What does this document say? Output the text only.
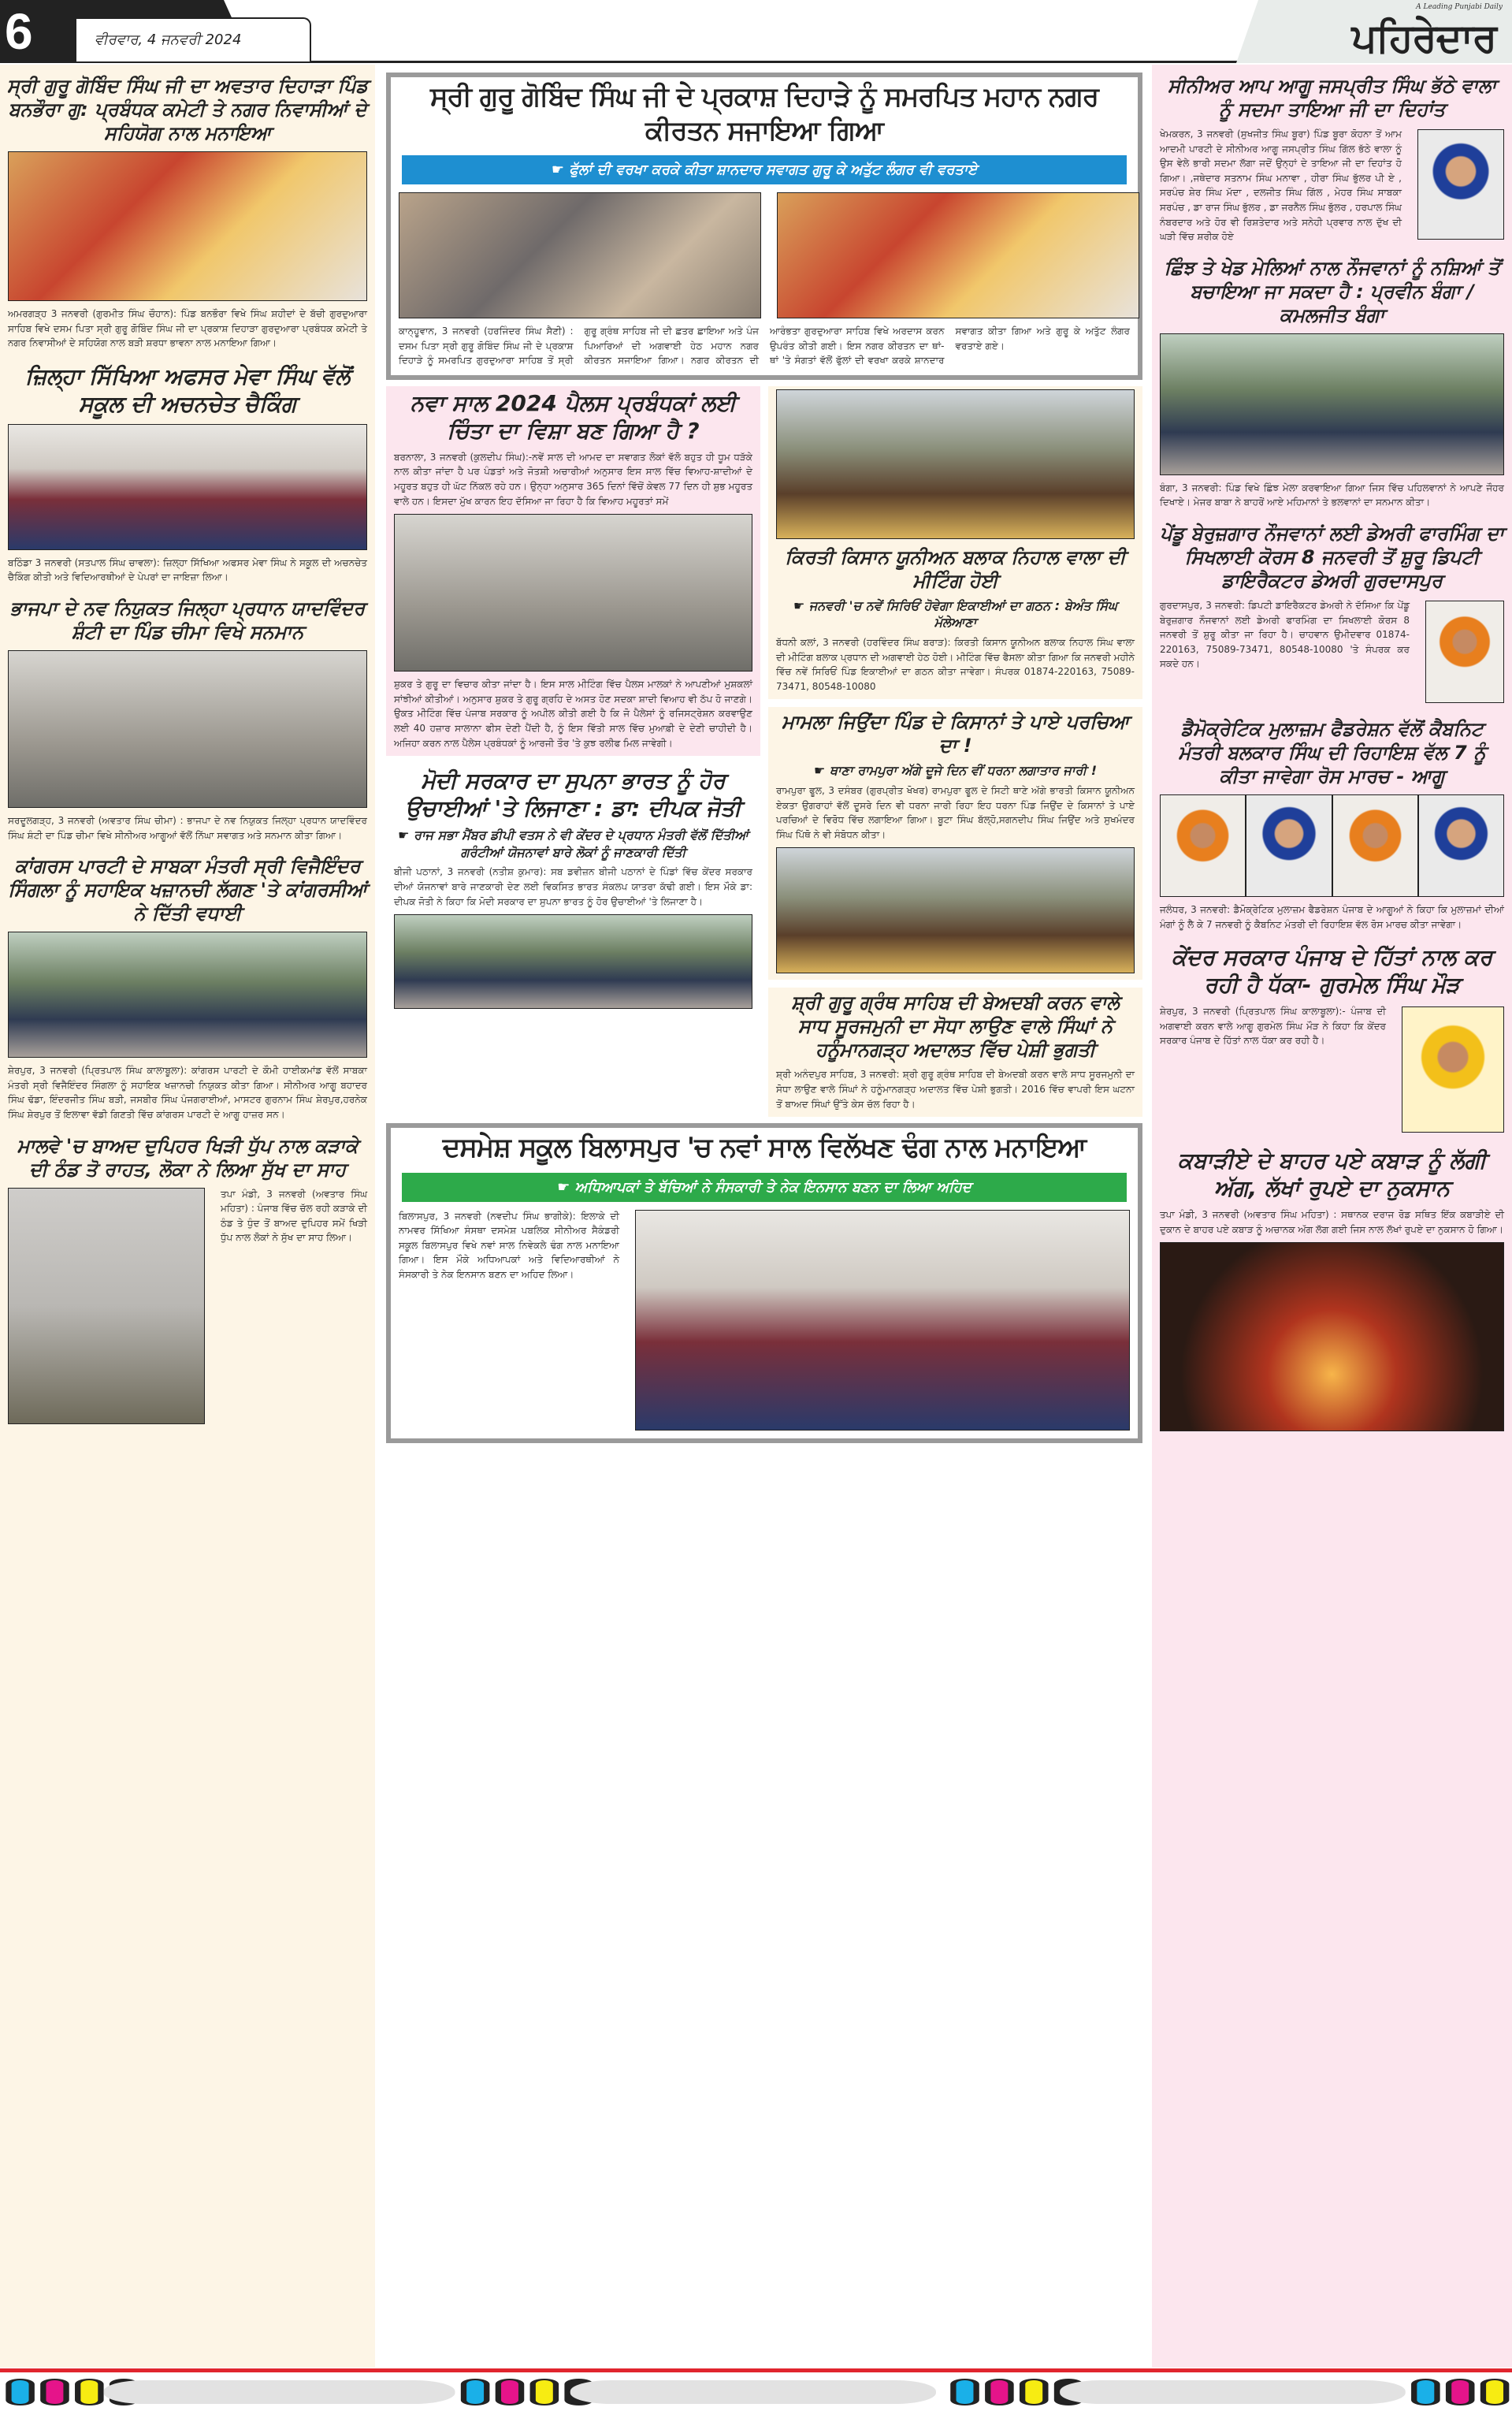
6	ਵੀਰਵਾਰ, 4 ਜਨਵਰੀ 2024	ਪਹਿਰੇਦਾਰ
A Leading Punjabi Daily
ਸ੍ਰੀ ਗੁਰੂ ਗੋਬਿੰਦ ਸਿੰਘ ਜੀ ਦਾ ਅਵਤਾਰ ਦਿਹਾੜਾ ਪਿੰਡ ਬਨਭੌਰਾ ਗੁ: ਪ੍ਰਬੰਧਕ ਕਮੇਟੀ ਤੇ ਨਗਰ ਨਿਵਾਸੀਆਂ ਦੇ ਸਹਿਯੋਗ ਨਾਲ ਮਨਾਇਆ
ਅਮਰਗੜ੍ਹ 3 ਜਨਵਰੀ (ਗੁਰਮੀਤ ਸਿੰਘ ਚੌਹਾਨ): ਪਿੰਡ ਬਨਭੌਰਾ ਵਿਖੇ ਸਿੰਘ ਸ਼ਹੀਦਾਂ ਦੇ ਬੱਚੀ ਗੁਰਦੁਆਰਾ ਸਾਹਿਬ ਵਿਖੇ ਦਸਮ ਪਿਤਾ ਸ੍ਰੀ ਗੁਰੂ ਗੋਬਿੰਦ ਸਿੰਘ ਜੀ ਦਾ ਪ੍ਰਕਾਸ਼ ਦਿਹਾੜਾ ਗੁਰਦੁਆਰਾ ਪ੍ਰਬੰਧਕ ਕਮੇਟੀ ਤੇ ਨਗਰ ਨਿਵਾਸੀਆਂ ਦੇ ਸਹਿਯੋਗ ਨਾਲ ਬੜੀ ਸ਼ਰਧਾ ਭਾਵਨਾ ਨਾਲ ਮਨਾਇਆ ਗਿਆ।
ਜ਼ਿਲ੍ਹਾ ਸਿੱਖਿਆ ਅਫਸਰ ਮੇਵਾ ਸਿੰਘ ਵੱਲੋਂ ਸਕੂਲ ਦੀ ਅਚਨਚੇਤ ਚੈਕਿੰਗ
ਬਠਿੰਡਾ 3 ਜਨਵਰੀ (ਸਤਪਾਲ ਸਿੰਘ ਚਾਵਲਾ): ਜ਼ਿਲ੍ਹਾ ਸਿੱਖਿਆ ਅਫਸਰ ਮੇਵਾ ਸਿੰਘ ਨੇ ਸਕੂਲ ਦੀ ਅਚਨਚੇਤ ਚੈਕਿੰਗ ਕੀਤੀ ਅਤੇ ਵਿਦਿਆਰਥੀਆਂ ਦੇ ਪੇਪਰਾਂ ਦਾ ਜਾਇਜ਼ਾ ਲਿਆ।
ਭਾਜਪਾ ਦੇ ਨਵ ਨਿਯੁਕਤ ਜਿਲ੍ਹਾ ਪ੍ਰਧਾਨ ਯਾਦਵਿੰਦਰ ਸ਼ੰਟੀ ਦਾ ਪਿੰਡ ਚੀਮਾ ਵਿਖੇ ਸਨਮਾਨ
ਸਰਦੂਲਗੜ੍ਹ, 3 ਜਨਵਰੀ (ਅਵਤਾਰ ਸਿੰਘ ਚੀਮਾ) : ਭਾਜਪਾ ਦੇ ਨਵ ਨਿਯੁਕਤ ਜਿਲ੍ਹਾ ਪ੍ਰਧਾਨ ਯਾਦਵਿੰਦਰ ਸਿੰਘ ਸ਼ੰਟੀ ਦਾ ਪਿੰਡ ਚੀਮਾ ਵਿਖੇ ਸੀਨੀਅਰ ਆਗੂਆਂ ਵੱਲੋਂ ਨਿੱਘਾ ਸਵਾਗਤ ਅਤੇ ਸਨਮਾਨ ਕੀਤਾ ਗਿਆ।
ਕਾਂਗਰਸ ਪਾਰਟੀ ਦੇ ਸਾਬਕਾ ਮੰਤਰੀ ਸ੍ਰੀ ਵਿਜੈਇੰਦਰ ਸਿੰਗਲਾ ਨੂੰ ਸਹਾਇਕ ਖਜ਼ਾਨਚੀ ਲੱਗਣ 'ਤੇ ਕਾਂਗਰਸੀਆਂ ਨੇ ਦਿੱਤੀ ਵਧਾਈ
ਸ਼ੇਰਪੁਰ, 3 ਜਨਵਰੀ (ਪ੍ਰਿਤਪਾਲ ਸਿੰਘ ਕਾਲਾਬੂਲਾ): ਕਾਂਗਰਸ ਪਾਰਟੀ ਦੇ ਕੌਮੀ ਹਾਈਕਮਾਂਡ ਵੱਲੋਂ ਸਾਬਕਾ ਮੰਤਰੀ ਸ੍ਰੀ ਵਿਜੈਇੰਦਰ ਸਿੰਗਲਾ ਨੂੰ ਸਹਾਇਕ ਖਜ਼ਾਨਚੀ ਨਿਯੁਕਤ ਕੀਤਾ ਗਿਆ। ਸੀਨੀਅਰ ਆਗੂ ਬਹਾਦਰ ਸਿੰਘ ਢੱਡਾ, ਇੰਦਰਜੀਤ ਸਿੰਘ ਬੜੀ, ਜਸਬੀਰ ਸਿੰਘ ਪੰਜਗਰਾਈਆਂ, ਮਾਸਟਰ ਗੁਰਨਾਮ ਸਿੰਘ ਸ਼ੇਰਪੁਰ,ਹਰਨੇਕ ਸਿੰਘ ਸ਼ੇਰਪੁਰ ਤੋਂ ਇਲਾਵਾ ਵੱਡੀ ਗਿਣਤੀ ਵਿੱਚ ਕਾਂਗਰਸ ਪਾਰਟੀ ਦੇ ਆਗੂ ਹਾਜ਼ਰ ਸਨ।
ਮਾਲਵੇ 'ਚ ਬਾਅਦ ਦੁਪਿਹਰ ਖਿੜੀ ਧੁੱਪ ਨਾਲ ਕੜਾਕੇ ਦੀ ਠੰਡ ਤੋ ਰਾਹਤ, ਲੋਕਾ ਨੇ ਲਿਆ ਸੁੱਖ ਦਾ ਸਾਹ
ਤਪਾ ਮੰਡੀ, 3 ਜਨਵਰੀ (ਅਵਤਾਰ ਸਿੰਘ ਮਹਿਤਾ) : ਪੰਜਾਬ ਵਿੱਚ ਚੱਲ ਰਹੀ ਕੜਾਕੇ ਦੀ ਠੰਡ ਤੇ ਧੁੰਦ ਤੋਂ ਬਾਅਦ ਦੁਪਿਹਰ ਸਮੇਂ ਖਿੜੀ ਧੁੱਪ ਨਾਲ ਲੋਕਾਂ ਨੇ ਸੁੱਖ ਦਾ ਸਾਹ ਲਿਆ।
ਸ੍ਰੀ ਗੁਰੂ ਗੋਬਿੰਦ ਸਿੰਘ ਜੀ ਦੇ ਪ੍ਰਕਾਸ਼ ਦਿਹਾੜੇ ਨੂੰ ਸਮਰਪਿਤ ਮਹਾਨ ਨਗਰ ਕੀਰਤਨ ਸਜਾਇਆ ਗਿਆ
☛ ਫੁੱਲਾਂ ਦੀ ਵਰਖਾ ਕਰਕੇ ਕੀਤਾ ਸ਼ਾਨਦਾਰ ਸਵਾਗਤ ਗੁਰੂ ਕੇ ਅਤੁੱਟ ਲੰਗਰ ਵੀ ਵਰਤਾਏ
ਕਾਨ੍ਹੂਵਾਨ, 3 ਜਨਵਰੀ (ਹਰਜਿੰਦਰ ਸਿੰਘ ਸੈਣੀ) : ਦਸਮ ਪਿਤਾ ਸ੍ਰੀ ਗੁਰੂ ਗੋਬਿੰਦ ਸਿੰਘ ਜੀ ਦੇ ਪ੍ਰਕਾਸ਼ ਦਿਹਾੜੇ ਨੂੰ ਸਮਰਪਿਤ ਗੁਰਦੁਆਰਾ ਸਾਹਿਬ ਤੋਂ ਸ੍ਰੀ ਗੁਰੂ ਗ੍ਰੰਥ ਸਾਹਿਬ ਜੀ ਦੀ ਛਤਰ ਛਾਇਆ ਅਤੇ ਪੰਜ ਪਿਆਰਿਆਂ ਦੀ ਅਗਵਾਈ ਹੇਠ ਮਹਾਨ ਨਗਰ ਕੀਰਤਨ ਸਜਾਇਆ ਗਿਆ। ਨਗਰ ਕੀਰਤਨ ਦੀ ਆਰੰਭਤਾ ਗੁਰਦੁਆਰਾ ਸਾਹਿਬ ਵਿਖੇ ਅਰਦਾਸ ਕਰਨ ਉਪਰੰਤ ਕੀਤੀ ਗਈ। ਇਸ ਨਗਰ ਕੀਰਤਨ ਦਾ ਥਾਂ-ਥਾਂ 'ਤੇ ਸੰਗਤਾਂ ਵੱਲੋਂ ਫੁੱਲਾਂ ਦੀ ਵਰਖਾ ਕਰਕੇ ਸ਼ਾਨਦਾਰ ਸਵਾਗਤ ਕੀਤਾ ਗਿਆ ਅਤੇ ਗੁਰੂ ਕੇ ਅਤੁੱਟ ਲੰਗਰ ਵਰਤਾਏ ਗਏ।
ਨਵਾ ਸਾਲ 2024 ਪੈਲਸ ਪ੍ਰਬੰਧਕਾਂ ਲਈ ਚਿੰਤਾ ਦਾ ਵਿਸ਼ਾ ਬਣ ਗਿਆ ਹੈ ?
ਬਰਨਾਲਾ, 3 ਜਨਵਰੀ (ਕੁਲਦੀਪ ਸਿੰਘ):-ਨਵੇਂ ਸਾਲ ਦੀ ਆਮਦ ਦਾ ਸਵਾਗਤ ਲੋਕਾਂ ਵੱਲੋ ਬਹੁਤ ਹੀ ਧੂਮ ਧੜੱਕੇ ਨਾਲ ਕੀਤਾ ਜਾਂਦਾ ਹੈ ਪਰ ਪੰਡਤਾਂ ਅਤੇ ਜੋਤਸ਼ੀ ਅਚਾਰੀਆਂ ਅਨੁਸਾਰ ਇਸ ਸਾਲ ਵਿੱਚ ਵਿਆਹ-ਸ਼ਾਦੀਆਂ ਦੇ ਮਹੂਰਤ ਬਹੁਤ ਹੀ ਘੱਟ ਨਿੱਕਲ ਰਹੇ ਹਨ। ਉਨ੍ਹਾ ਅਨੁਸਾਰ 365 ਦਿਨਾਂ ਵਿੱਚੋਂ ਕੇਵਲ 77 ਦਿਨ ਹੀ ਸ਼ੁਭ ਮਹੂਰਤ ਵਾਲੇ ਹਨ। ਇਸਦਾ ਮੁੱਖ ਕਾਰਨ ਇਹ ਦੱਸਿਆ ਜਾ ਰਿਹਾ ਹੈ ਕਿ ਵਿਆਹ ਮਹੂਰਤਾਂ ਸਮੇਂ
ਸ਼ੁਕਰ ਤੇ ਗੁਰੂ ਦਾ ਵਿਚਾਰ ਕੀਤਾ ਜਾਂਦਾ ਹੈ। ਇਸ ਸਾਲ ਮੀਟਿੰਗ ਵਿੱਚ ਪੈਲਸ ਮਾਲਕਾਂ ਨੇ ਆਪਣੀਆਂ ਮੁਸ਼ਕਲਾਂ ਸਾਂਝੀਆਂ ਕੀਤੀਆਂ। ਅਨੁਸਾਰ ਸ਼ੁਕਰ ਤੇ ਗੁਰੂ ਗ੍ਰਹਿ ਦੇ ਅਸਤ ਹੋਣ ਸਦਕਾ ਸ਼ਾਦੀ ਵਿਆਹ ਵੀ ਠੱਪ ਹੋ ਜਾਣਗੇ। ਉਕਤ ਮੀਟਿੰਗ ਵਿੱਚ ਪੰਜਾਬ ਸਰਕਾਰ ਨੂੰ ਅਪੀਲ ਕੀਤੀ ਗਈ ਹੈ ਕਿ ਜੋ ਪੈਲੇਸਾਂ ਨੂੰ ਰਜਿਸਟ੍ਰੇਸ਼ਨ ਕਰਵਾਉਣ ਲਈ 40 ਹਜ਼ਾਰ ਸਾਲਾਨਾ ਫੀਸ ਦੇਣੀ ਪੈਂਦੀ ਹੈ, ਨੂੰ ਇਸ ਵਿੱਤੀ ਸਾਲ ਵਿੱਚ ਮੁਆਫ਼ੀ ਦੇ ਦੇਣੀ ਚਾਹੀਦੀ ਹੈ। ਅਜਿਹਾ ਕਰਨ ਨਾਲ ਪੈਲੇਸ ਪ੍ਰਬੰਧਕਾਂ ਨੂੰ ਆਰਜੀ ਤੌਰ 'ਤੇ ਕੁਝ ਰਲੀਫ ਮਿਲ ਜਾਵੇਗੀ।
ਮੋਦੀ ਸਰਕਾਰ ਦਾ ਸੁਪਨਾ ਭਾਰਤ ਨੂੰ ਹੋਰ ਉਚਾਈਆਂ 'ਤੇ ਲਿਜਾਣਾ : ਡਾ: ਦੀਪਕ ਜੋਤੀ
☛ ਰਾਜ ਸਭਾ ਮੈਂਬਰ ਡੀਪੀ ਵਤਸ ਨੇ ਵੀ ਕੇਂਦਰ ਦੇ ਪ੍ਰਧਾਨ ਮੰਤਰੀ ਵੱਲੋਂ ਦਿੱਤੀਆਂ ਗਰੰਟੀਆਂ ਯੋਜਨਾਵਾਂ ਬਾਰੇ ਲੋਕਾਂ ਨੂੰ ਜਾਣਕਾਰੀ ਦਿੱਤੀ
ਬੀਜੀ ਪਠਾਨਾਂ, 3 ਜਨਵਰੀ (ਨਤੀਸ਼ ਕੁਮਾਰ): ਸਬ ਡਵੀਜ਼ਨ ਬੀਜੀ ਪਠਾਨਾਂ ਦੇ ਪਿੰਡਾਂ ਵਿੱਚ ਕੇਂਦਰ ਸਰਕਾਰ ਦੀਆਂ ਯੋਜਨਾਵਾਂ ਬਾਰੇ ਜਾਣਕਾਰੀ ਦੇਣ ਲਈ ਵਿਕਸਿਤ ਭਾਰਤ ਸੰਕਲਪ ਯਾਤਰਾ ਕੱਢੀ ਗਈ। ਇਸ ਮੌਕੇ ਡਾ: ਦੀਪਕ ਜੋਤੀ ਨੇ ਕਿਹਾ ਕਿ ਮੋਦੀ ਸਰਕਾਰ ਦਾ ਸੁਪਨਾ ਭਾਰਤ ਨੂੰ ਹੋਰ ਉਚਾਈਆਂ 'ਤੇ ਲਿਜਾਣਾ ਹੈ।
ਕਿਰਤੀ ਕਿਸਾਨ ਯੂਨੀਅਨ ਬਲਾਕ ਨਿਹਾਲ ਵਾਲਾ ਦੀ ਮੀਟਿੰਗ ਹੋਈ
☛ ਜਨਵਰੀ 'ਚ ਨਵੇਂ ਸਿਰਿਓਂ ਹੋਵੇਗਾ ਇਕਾਈਆਂ ਦਾ ਗਠਨ : ਬੇਅੰਤ ਸਿੰਘ ਮੱਲੇਆਣਾ
ਬੱਧਨੀ ਕਲਾਂ, 3 ਜਨਵਰੀ (ਹਰਵਿੰਦਰ ਸਿੰਘ ਬਰਾੜ): ਕਿਰਤੀ ਕਿਸਾਨ ਯੂਨੀਅਨ ਬਲਾਕ ਨਿਹਾਲ ਸਿੰਘ ਵਾਲਾ ਦੀ ਮੀਟਿੰਗ ਬਲਾਕ ਪ੍ਰਧਾਨ ਦੀ ਅਗਵਾਈ ਹੇਠ ਹੋਈ। ਮੀਟਿੰਗ ਵਿੱਚ ਫੈਸਲਾ ਕੀਤਾ ਗਿਆ ਕਿ ਜਨਵਰੀ ਮਹੀਨੇ ਵਿੱਚ ਨਵੇਂ ਸਿਰਿਓਂ ਪਿੰਡ ਇਕਾਈਆਂ ਦਾ ਗਠਨ ਕੀਤਾ ਜਾਵੇਗਾ। ਸੰਪਰਕ 01874-220163, 75089-73471, 80548-10080
ਮਾਮਲਾ ਜਿਉਂਦਾ ਪਿੰਡ ਦੇ ਕਿਸਾਨਾਂ ਤੇ ਪਾਏ ਪਰਚਿਆ ਦਾ !
☛ ਥਾਣਾ ਰਾਮਪੁਰਾ ਅੱਗੇ ਦੂਜੇ ਦਿਨ ਵੀਂ ਧਰਨਾ ਲਗਾਤਾਰ ਜਾਰੀ !
ਰਾਮਪੁਰਾ ਫੂਲ, 3 ਦਸੰਬਰ (ਗੁਰਪ੍ਰੀਤ ਖੋਖਰ) ਰਾਮਪੁਰਾ ਫੂਲ ਦੇ ਸਿਟੀ ਥਾਣੇ ਅੱਗੇ ਭਾਰਤੀ ਕਿਸਾਨ ਯੂਨੀਅਨ ਏਕਤਾ ਉਗਰਾਹਾਂ ਵੱਲੋਂ ਦੂਸਰੇ ਦਿਨ ਵੀ ਧਰਨਾ ਜਾਰੀ ਰਿਹਾ ਇਹ ਧਰਨਾ ਪਿੰਡ ਜਿਉਂਦ ਦੇ ਕਿਸਾਨਾਂ ਤੇ ਪਾਏ ਪਰਚਿਆਂ ਦੇ ਵਿਰੋਧ ਵਿੱਚ ਲਗਾਇਆ ਗਿਆ। ਬੂਟਾ ਸਿੰਘ ਬੱਲ੍ਹੋ,ਸਗਨਦੀਪ ਸਿੰਘ ਜਿਉਂਦ ਅਤੇ ਸੁਖਮੰਦਰ ਸਿੰਘ ਪਿੱਥੋ ਨੇ ਵੀ ਸੰਬੋਧਨ ਕੀਤਾ।
ਸ਼੍ਰੀ ਗੁਰੂ ਗ੍ਰੰਥ ਸਾਹਿਬ ਦੀ ਬੇਅਦਬੀ ਕਰਨ ਵਾਲੇ ਸਾਧ ਸੂਰਜਮੁਨੀ ਦਾ ਸੋਧਾ ਲਾਉਣ ਵਾਲੇ ਸਿੰਘਾਂ ਨੇ ਹਨੂੰਮਾਨਗੜ੍ਹ ਅਦਾਲਤ ਵਿੱਚ ਪੇਸ਼ੀ ਭੁਗਤੀ
ਸ਼੍ਰੀ ਅਨੰਦਪੁਰ ਸਾਹਿਬ, 3 ਜਨਵਰੀ: ਸ਼੍ਰੀ ਗੁਰੂ ਗ੍ਰੰਥ ਸਾਹਿਬ ਦੀ ਬੇਅਦਬੀ ਕਰਨ ਵਾਲੇ ਸਾਧ ਸੂਰਜਮੁਨੀ ਦਾ ਸੋਧਾ ਲਾਉਣ ਵਾਲੇ ਸਿੰਘਾਂ ਨੇ ਹਨੂੰਮਾਨਗੜ੍ਹ ਅਦਾਲਤ ਵਿੱਚ ਪੇਸ਼ੀ ਭੁਗਤੀ। 2016 ਵਿੱਚ ਵਾਪਰੀ ਇਸ ਘਟਨਾ ਤੋਂ ਬਾਅਦ ਸਿੰਘਾਂ ਉੱਤੇ ਕੇਸ ਚੱਲ ਰਿਹਾ ਹੈ।
ਦਸਮੇਸ਼ ਸਕੂਲ ਬਿਲਾਸਪੁਰ 'ਚ ਨਵਾਂ ਸਾਲ ਵਿਲੱਖਣ ਢੰਗ ਨਾਲ ਮਨਾਇਆ
☛ ਅਧਿਆਪਕਾਂ ਤੇ ਬੱਚਿਆਂ ਨੇ ਸੰਸਕਾਰੀ ਤੇ ਨੇਕ ਇਨਸਾਨ ਬਣਨ ਦਾ ਲਿਆ ਅਹਿਦ
ਬਿਲਾਸਪੁਰ, 3 ਜਨਵਰੀ (ਨਵਦੀਪ ਸਿੰਘ ਭਾਗੀਕੇ): ਇਲਾਕੇ ਦੀ ਨਾਮਵਰ ਸਿੱਖਿਆ ਸੰਸਥਾ ਦਸਮੇਸ਼ ਪਬਲਿਕ ਸੀਨੀਅਰ ਸੈਕੰਡਰੀ ਸਕੂਲ ਬਿਲਾਸਪੁਰ ਵਿਖੇ ਨਵਾਂ ਸਾਲ ਨਿਵੇਕਲੇ ਢੰਗ ਨਾਲ ਮਨਾਇਆ ਗਿਆ। ਇਸ ਮੌਕੇ ਅਧਿਆਪਕਾਂ ਅਤੇ ਵਿਦਿਆਰਥੀਆਂ ਨੇ ਸੰਸਕਾਰੀ ਤੇ ਨੇਕ ਇਨਸਾਨ ਬਣਨ ਦਾ ਅਹਿਦ ਲਿਆ।
ਸੀਨੀਅਰ ਆਪ ਆਗੂ ਜਸਪ੍ਰੀਤ ਸਿੰਘ ਭੱਠੇ ਵਾਲਾ ਨੂੰ ਸਦਮਾ ਤਾਇਆ ਜੀ ਦਾ ਦਿਹਾਂਤ
ਖੇਮਕਰਨ, 3 ਜਨਵਰੀ (ਸੁਖਜੀਤ ਸਿੰਘ ਬੂਰਾ) ਪਿੰਡ ਬੂਰਾ ਕੋਹਨਾ ਤੋਂ ਆਮ ਆਦਮੀ ਪਾਰਟੀ ਦੇ ਸੀਨੀਅਰ ਆਗੂ ਜਸਪ੍ਰੀਤ ਸਿੰਘ ਗਿੱਲ ਭੱਠੇ ਵਾਲਾ ਨੂੰ ਉਸ ਵੇਲੇ ਭਾਰੀ ਸਦਮਾ ਲੱਗਾ ਜਦੋਂ ਉਨ੍ਹਾਂ ਦੇ ਤਾਇਆ ਜੀ ਦਾ ਦਿਹਾਂਤ ਹੋ ਗਿਆ। ,ਜਥੇਦਾਰ ਸਤਨਾਮ ਸਿੰਘ ਮਨਾਵਾ , ਹੀਰਾ ਸਿੰਘ ਭੁੱਲਰ ਪੀ ਏ , ਸਰਪੰਚ ਸ਼ੇਰ ਸਿੰਘ ਮੱਦਾ , ਦਲਜੀਤ ਸਿੰਘ ਗਿੱਲ , ਮੇਹਰ ਸਿੰਘ ਸਾਬਕਾ ਸਰਪੰਚ , ਡਾ ਰਾਜ ਸਿੰਘ ਭੁੱਲਰ , ਡਾ ਜਰਨੈਲ ਸਿੰਘ ਭੁੱਲਰ , ਹਰਪਾਲ ਸਿੰਘ ਨੰਬਰਦਾਰ ਅਤੇ ਹੋਰ ਵੀ ਰਿਸ਼ਤੇਦਾਰ ਅਤੇ ਸਨੇਹੀ ਪ੍ਰਵਾਰ ਨਾਲ ਦੁੱਖ ਦੀ ਘੜੀ ਵਿੱਚ ਸ਼ਰੀਕ ਹੋਏ
ਛਿੰਝ ਤੇ ਖੇਡ ਮੇਲਿਆਂ ਨਾਲ ਨੌਜਵਾਨਾਂ ਨੂੰ ਨਸ਼ਿਆਂ ਤੋਂ ਬਚਾਇਆ ਜਾ ਸਕਦਾ ਹੈ : ਪ੍ਰਵੀਨ ਬੰਗਾ / ਕਮਲਜੀਤ ਬੰਗਾ
ਬੰਗਾ, 3 ਜਨਵਰੀ: ਪਿੰਡ ਵਿਖੇ ਛਿੰਝ ਮੇਲਾ ਕਰਵਾਇਆ ਗਿਆ ਜਿਸ ਵਿੱਚ ਪਹਿਲਵਾਨਾਂ ਨੇ ਆਪਣੇ ਜੌਹਰ ਦਿਖਾਏ। ਮੇਜਰ ਬਾਬਾ ਨੇ ਬਾਹਰੋਂ ਆਏ ਮਹਿਮਾਨਾਂ ਤੇ ਭਲਵਾਨਾਂ ਦਾ ਸਨਮਾਨ ਕੀਤਾ।
ਪੇਂਡੂ ਬੇਰੁਜ਼ਗਾਰ ਨੌਜਵਾਨਾਂ ਲਈ ਡੇਅਰੀ ਫਾਰਮਿੰਗ ਦਾ ਸਿਖਲਾਈ ਕੋਰਸ 8 ਜਨਵਰੀ ਤੋਂ ਸ਼ੁਰੂ ਡਿਪਟੀ ਡਾਇਰੈਕਟਰ ਡੇਅਰੀ ਗੁਰਦਾਸਪੁਰ
ਗੁਰਦਾਸਪੁਰ, 3 ਜਨਵਰੀ: ਡਿਪਟੀ ਡਾਇਰੈਕਟਰ ਡੇਅਰੀ ਨੇ ਦੱਸਿਆ ਕਿ ਪੇਂਡੂ ਬੇਰੁਜ਼ਗਾਰ ਨੌਜਵਾਨਾਂ ਲਈ ਡੇਅਰੀ ਫਾਰਮਿੰਗ ਦਾ ਸਿਖਲਾਈ ਕੋਰਸ 8 ਜਨਵਰੀ ਤੋਂ ਸ਼ੁਰੂ ਕੀਤਾ ਜਾ ਰਿਹਾ ਹੈ। ਚਾਹਵਾਨ ਉਮੀਦਵਾਰ 01874-220163, 75089-73471, 80548-10080 'ਤੇ ਸੰਪਰਕ ਕਰ ਸਕਦੇ ਹਨ।
ਡੈਮੋਕ੍ਰੇਟਿਕ ਮੁਲਾਜ਼ਮ ਫੈਡਰੇਸ਼ਨ ਵੱਲੋਂ ਕੈਬਨਿਟ ਮੰਤਰੀ ਬਲਕਾਰ ਸਿੰਘ ਦੀ ਰਿਹਾਇਸ਼ ਵੱਲ 7 ਨੂੰ ਕੀਤਾ ਜਾਵੇਗਾ ਰੋਸ ਮਾਰਚ - ਆਗੂ
ਜਲੰਧਰ, 3 ਜਨਵਰੀ: ਡੈਮੋਕ੍ਰੇਟਿਕ ਮੁਲਾਜ਼ਮ ਫੈਡਰੇਸ਼ਨ ਪੰਜਾਬ ਦੇ ਆਗੂਆਂ ਨੇ ਕਿਹਾ ਕਿ ਮੁਲਾਜ਼ਮਾਂ ਦੀਆਂ ਮੰਗਾਂ ਨੂੰ ਲੈ ਕੇ 7 ਜਨਵਰੀ ਨੂੰ ਕੈਬਨਿਟ ਮੰਤਰੀ ਦੀ ਰਿਹਾਇਸ਼ ਵੱਲ ਰੋਸ ਮਾਰਚ ਕੀਤਾ ਜਾਵੇਗਾ।
ਕੇਂਦਰ ਸਰਕਾਰ ਪੰਜਾਬ ਦੇ ਹਿੱਤਾਂ ਨਾਲ ਕਰ ਰਹੀ ਹੈ ਧੱਕਾ- ਗੁਰਮੇਲ ਸਿੰਘ ਮੌੜ
ਸ਼ੇਰਪੁਰ, 3 ਜਨਵਰੀ (ਪ੍ਰਿਤਪਾਲ ਸਿੰਘ ਕਾਲਾਬੂਲਾ):- ਪੰਜਾਬ ਦੀ ਅਗਵਾਈ ਕਰਨ ਵਾਲੇ ਆਗੂ ਗੁਰਮੇਲ ਸਿੰਘ ਮੌੜ ਨੇ ਕਿਹਾ ਕਿ ਕੇਂਦਰ ਸਰਕਾਰ ਪੰਜਾਬ ਦੇ ਹਿੱਤਾਂ ਨਾਲ ਧੱਕਾ ਕਰ ਰਹੀ ਹੈ।
ਕਬਾੜੀਏ ਦੇ ਬਾਹਰ ਪਏ ਕਬਾੜ ਨੂੰ ਲੱਗੀ ਅੱਗ, ਲੱਖਾਂ ਰੁਪਏ ਦਾ ਨੁਕਸਾਨ
ਤਪਾ ਮੰਡੀ, 3 ਜਨਵਰੀ (ਅਵਤਾਰ ਸਿੰਘ ਮਹਿਤਾ) : ਸਥਾਨਕ ਦਰਾਜ ਰੋਡ ਸਥਿਤ ਇੱਕ ਕਬਾੜੀਏ ਦੀ ਦੁਕਾਨ ਦੇ ਬਾਹਰ ਪਏ ਕਬਾੜ ਨੂੰ ਅਚਾਨਕ ਅੱਗ ਲੱਗ ਗਈ ਜਿਸ ਨਾਲ ਲੱਖਾਂ ਰੁਪਏ ਦਾ ਨੁਕਸਾਨ ਹੋ ਗਿਆ।
